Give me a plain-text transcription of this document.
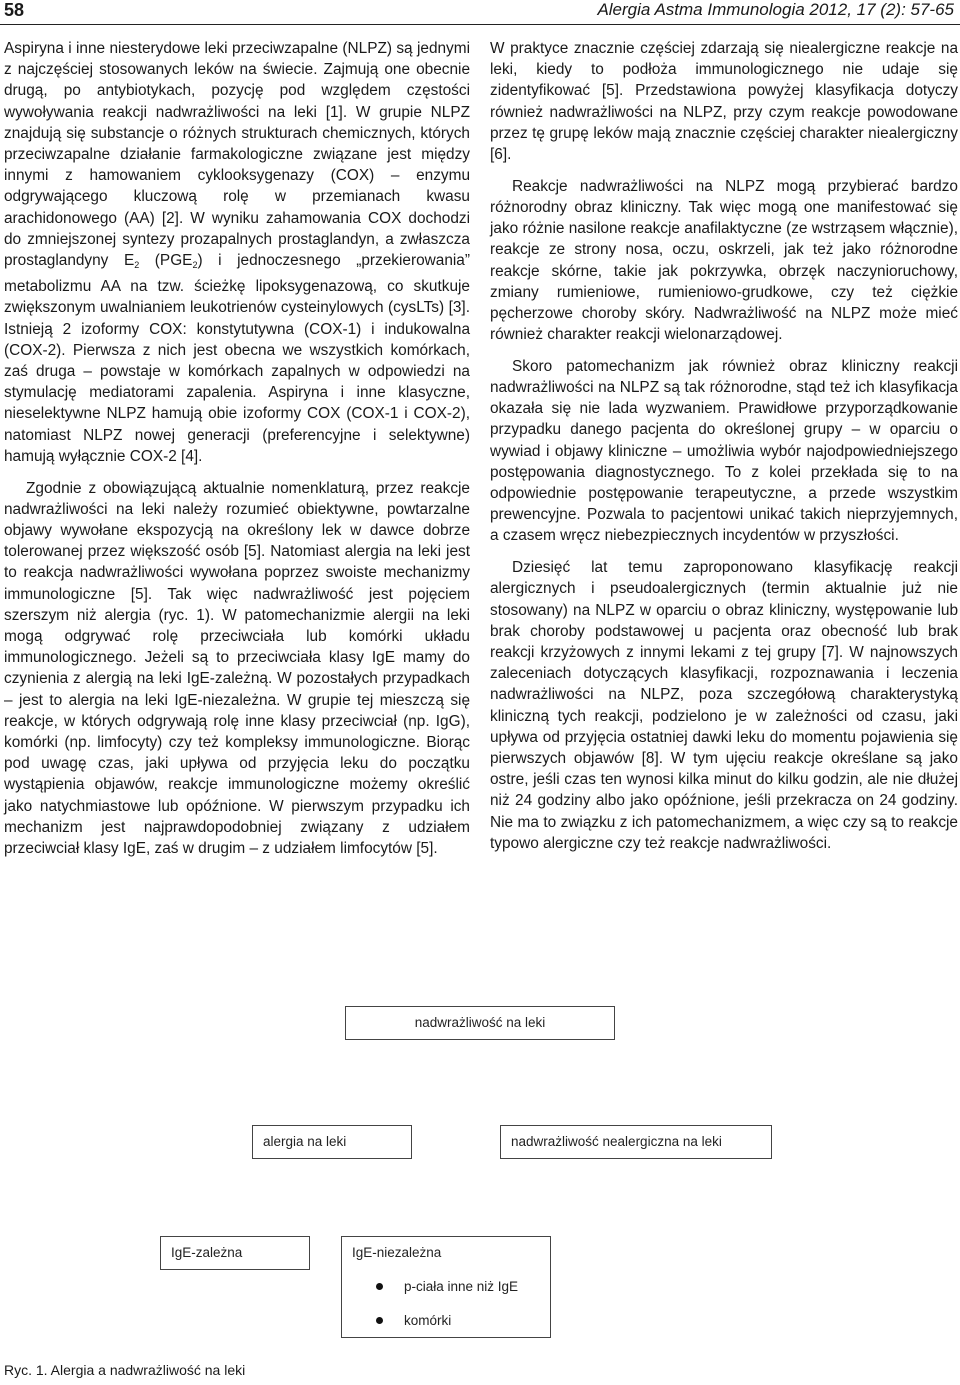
58	Alergia Astma Immunologia 2012, 17 (2): 57-65

Aspiryna i inne niesterydowe leki przeciwzapalne (NLPZ) są jednymi z najczęściej stosowanych leków na świecie. Zajmują one obecnie drugą, po antybiotykach, pozycję pod względem częstości wywoływania reakcji nadwrażliwości na leki [1]. W grupie NLPZ znajdują się substancje o różnych strukturach chemicznych, których przeciwzapalne działanie farmakologiczne związane jest między innymi z hamowaniem cyklooksygenazy (COX) – enzymu odgrywającego kluczową rolę w przemianach kwasu arachidonowego (AA) [2]. W wyniku zahamowania COX dochodzi do zmniejszonej syntezy prozapalnych prostaglandyn, a zwłaszcza prostaglandyny $E_2$ $(PGE_2)$ i jednoczesnego „przekierowania” metabolizmu AA na tzw. ścieżkę lipoksygenazową, co skutkuje zwiększonym uwalnianiem leukotrienów cysteinylowych (cysLTs) [3]. Istnieją 2 izoformy COX: konstytutywna (COX-1) i indukowalna (COX-2). Pierwsza z nich jest obecna we wszystkich komórkach, zaś druga – powstaje w komórkach zapalnych w odpowiedzi na stymulację mediatorami zapalenia. Aspiryna i inne klasyczne, nieselektywne NLPZ hamują obie izoformy COX (COX-1 i COX-2), natomiast NLPZ nowej generacji (preferencyjne i selektywne) hamują wyłącznie COX-2 [4].

Zgodnie z obowiązującą aktualnie nomenklaturą, przez reakcje nadwrażliwości na leki należy rozumieć obiektywne, powtarzalne objawy wywołane ekspozycją na określony lek w dawce dobrze tolerowanej przez większość osób [5]. Natomiast alergia na leki jest to reakcja nadwrażliwości wywołana poprzez swoiste mechanizmy immunologiczne [5]. Tak więc nadwrażliwość jest pojęciem szerszym niż alergia (ryc. 1). W patomechanizmie alergii na leki mogą odgrywać rolę przeciwciała lub komórki układu immunologicznego. Jeżeli są to przeciwciała klasy IgE mamy do czynienia z alergią na leki IgE-zależną. W pozostałych przypadkach – jest to alergia na leki IgE-niezależna. W grupie tej mieszczą się reakcje, w których odgrywają rolę inne klasy przeciwciał (np. IgG), komórki (np. limfocyty) czy też kompleksy immunologiczne. Biorąc pod uwagę czas, jaki upływa od przyjęcia leku do początku wystąpienia objawów, reakcje immunologiczne możemy określić jako natychmiastowe lub opóźnione. W pierwszym przypadku ich mechanizm jest najprawdopodobniej związany z udziałem przeciwciał klasy IgE, zaś w drugim – z udziałem limfocytów [5].

W praktyce znacznie częściej zdarzają się niealergiczne reakcje na leki, kiedy to podłoża immunologicznego nie udaje się zidentyfikować [5]. Przedstawiona powyżej klasyfikacja dotyczy również nadwrażliwości na NLPZ, przy czym reakcje powodowane przez tę grupę leków mają znacznie częściej charakter niealergiczny [6].

Reakcje nadwrażliwości na NLPZ mogą przybierać bardzo różnorodny obraz kliniczny. Tak więc mogą one manifestować się jako różnie nasilone reakcje anafilaktyczne (ze wstrząsem włącznie), reakcje ze strony nosa, oczu, oskrzeli, jak też jako różnorodne reakcje skórne, takie jak pokrzywka, obrzęk naczynioruchowy, zmiany rumieniowe, rumieniowo-grudkowe, czy też ciężkie pęcherzowe choroby skóry. Nadwrażliwość na NLPZ może mieć również charakter reakcji wielonarządowej.

Skoro patomechanizm jak również obraz kliniczny reakcji nadwrażliwości na NLPZ są tak różnorodne, stąd też ich klasyfikacja okazała się nie lada wyzwaniem. Prawidłowe przyporządkowanie przypadku danego pacjenta do określonej grupy – w oparciu o wywiad i objawy kliniczne – umożliwia wybór najodpowiedniejszego postępowania diagnostycznego. To z kolei przekłada się to na odpowiednie postępowanie terapeutyczne, a przede wszystkim prewencyjne. Pozwala to pacjentowi unikać takich nieprzyjemnych, a czasem wręcz niebezpiecznych incydentów w przyszłości.

Dziesięć lat temu zaproponowano klasyfikację reakcji alergicznych i pseudoalergicznych (termin aktualnie już nie stosowany) na NLPZ w oparciu o obraz kliniczny, występowanie lub brak choroby podstawowej u pacjenta oraz obecność lub brak reakcji krzyżowych z innymi lekami z tej grupy [7]. W najnowszych zaleceniach dotyczących klasyfikacji, rozpoznawania i leczenia nadwrażliwości na NLPZ, poza szczegółową charakterystyką kliniczną tych reakcji, podzielono je w zależności od czasu, jaki upływa od przyjęcia ostatniej dawki leku do momentu pojawienia się pierwszych objawów [8]. W tym ujęciu reakcje określane są jako ostre, jeśli czas ten wynosi kilka minut do kilku godzin, ale nie dłużej niż 24 godziny albo jako opóźnione, jeśli przekracza on 24 godziny. Nie ma to związku z ich patomechanizmem, a więc czy są to reakcje typowo alergiczne czy też reakcje nadwrażliwości.

nadwrażliwość na leki
alergia na leki	nadwrażliwość nealergiczna na leki
IgE-zależna	IgE-niezależna
p-ciała inne niż IgE
komórki
Ryc. 1. Alergia a nadwrażliwość na leki
